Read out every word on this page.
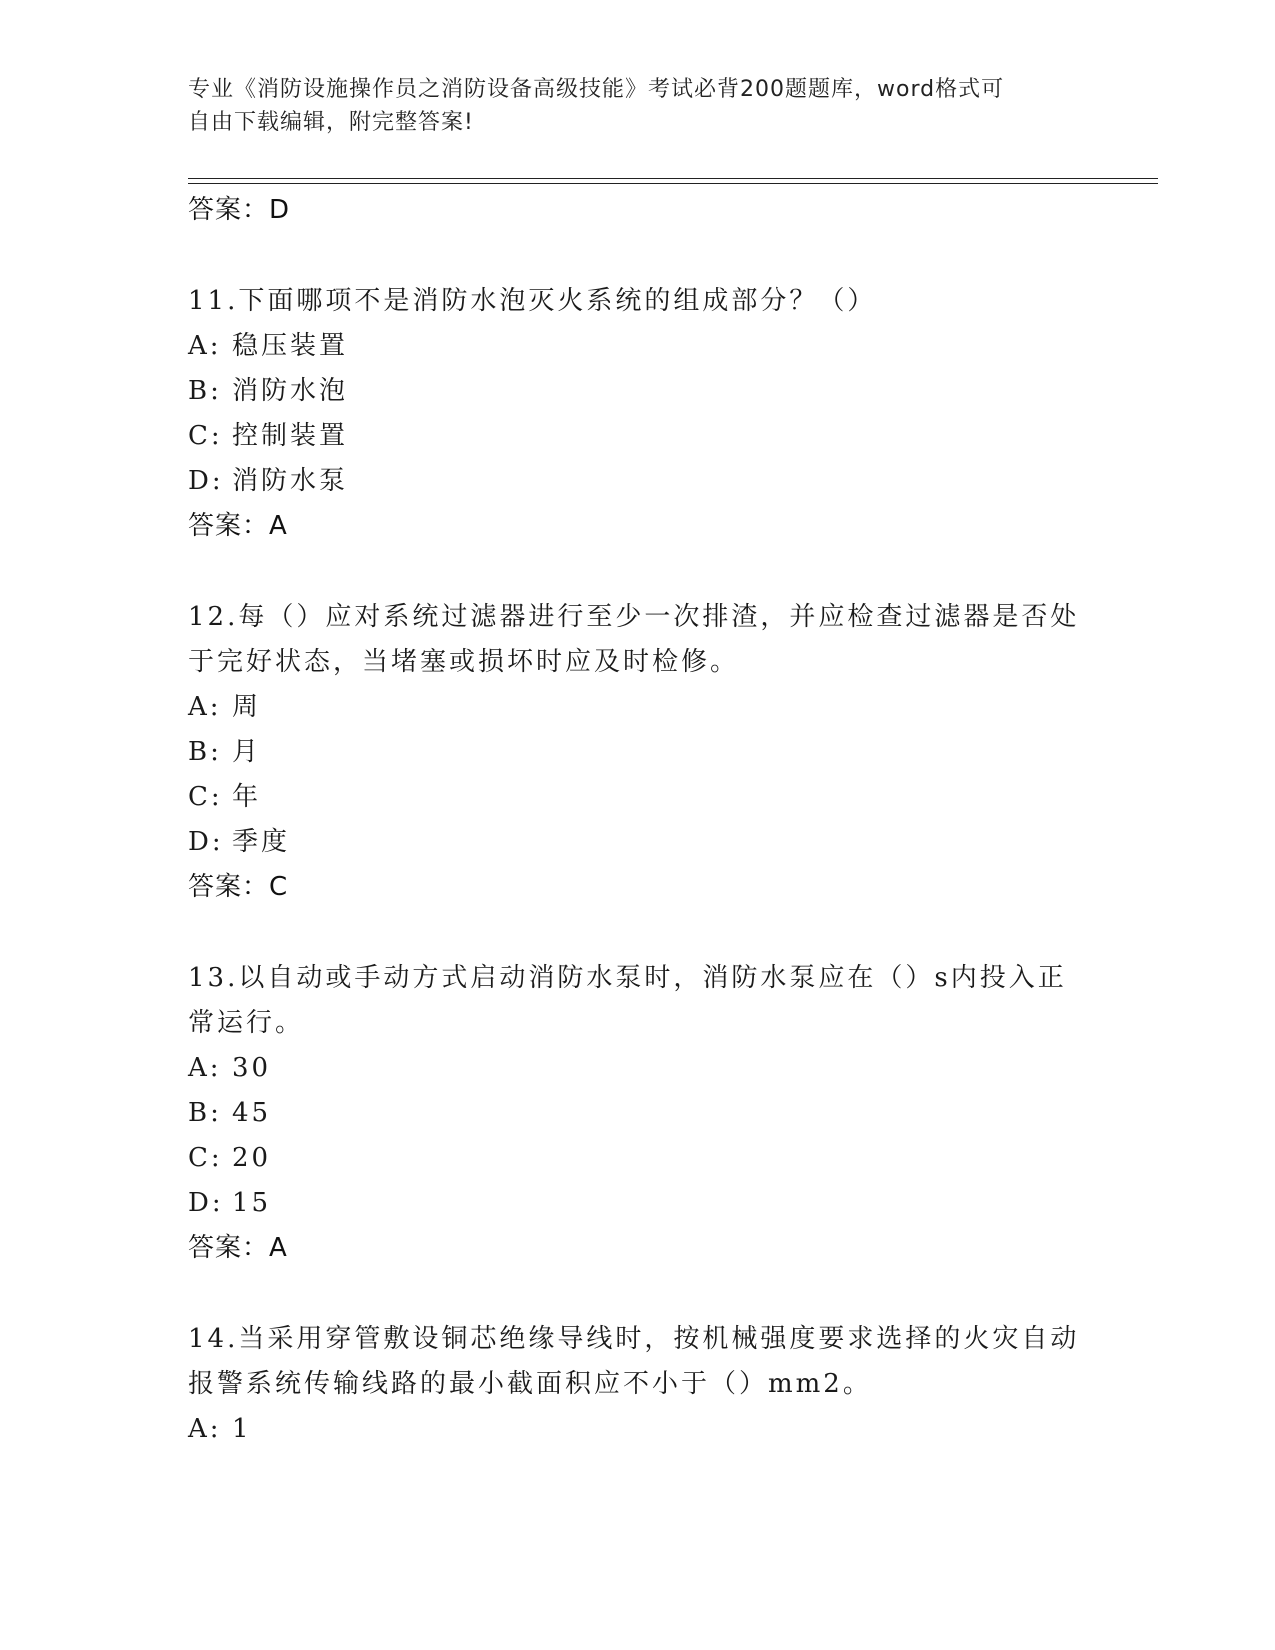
专业《消防设施操作员之消防设备高级技能》考试必背200题题库，word格式可
自由下载编辑，附完整答案!
答案：D
11.下面哪项不是消防水泡灭火系统的组成部分？（）
A: 稳压装置
B: 消防水泡
C: 控制装置
D: 消防水泵
答案：A
12.每（）应对系统过滤器进行至少一次排渣，并应检查过滤器是否处
于完好状态，当堵塞或损坏时应及时检修。
A: 周
B: 月
C: 年
D: 季度
答案：C
13.以自动或手动方式启动消防水泵时，消防水泵应在（）s内投入正
常运行。
A: 30
B: 45
C: 20
D: 15
答案：A
14.当采用穿管敷设铜芯绝缘导线时，按机械强度要求选择的火灾自动
报警系统传输线路的最小截面积应不小于（）mm2。
A: 1
